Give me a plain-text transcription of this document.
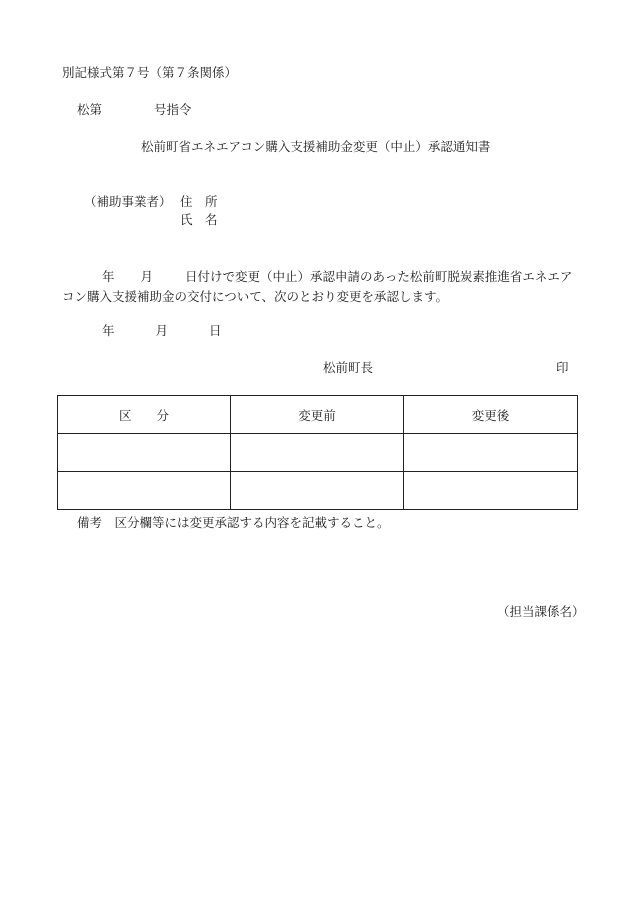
別記様式第７号（第７条関係）
松第	号指令
松前町省エネエアコン購入支援補助金変更（中止）承認通知書
（補助事業者） 住　所
氏　名
年 月	日付けで変更（中止）承認申請のあった松前町脱炭素推進省エネエア
コン購入支援補助金の交付について、次のとおり変更を承認します。
年	月	日
松前町長	印
区　　分	変更前	変更後

備考　区分欄等には変更承認する内容を記載すること。
（担当課係名）
